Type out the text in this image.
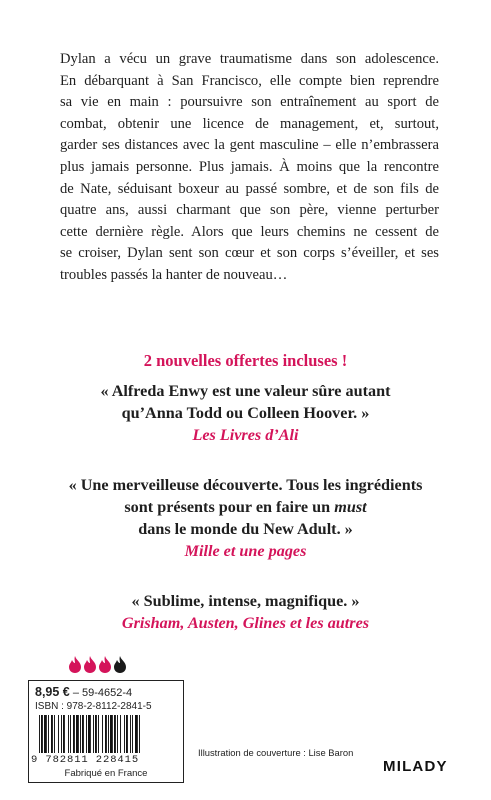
Dylan a vécu un grave traumatisme dans son adolescence.
En débarquant à San Francisco, elle compte bien reprendre
sa vie en main : poursuivre son entraînement au sport de
combat, obtenir une licence de management, et, surtout,
garder ses distances avec la gent masculine – elle n’embrassera
plus jamais personne. Plus jamais. À moins que la rencontre
de Nate, séduisant boxeur au passé sombre, et de son fils de
quatre ans, aussi charmant que son père, vienne perturber
cette dernière règle. Alors que leurs chemins ne cessent de
se croiser, Dylan sent son cœur et son corps s’éveiller, et ses
troubles passés la hanter de nouveau…

2 nouvelles offertes incluses !

« Alfreda Enwy est une valeur sûre autant
qu’Anna Todd ou Colleen Hoover. »
Les Livres d’Ali
« Une merveilleuse découverte. Tous les ingrédients
sont présents pour en faire un must
dans le monde du New Adult. »
Mille et une pages
« Sublime, intense, magnifique. »
Grisham, Austen, Glines et les autres
8,95 € – 59-4652-4
ISBN : 978-2-8112-2841-5
9 782811 228415
Fabriqué en France
Illustration de couverture : Lise Baron
MILADY
